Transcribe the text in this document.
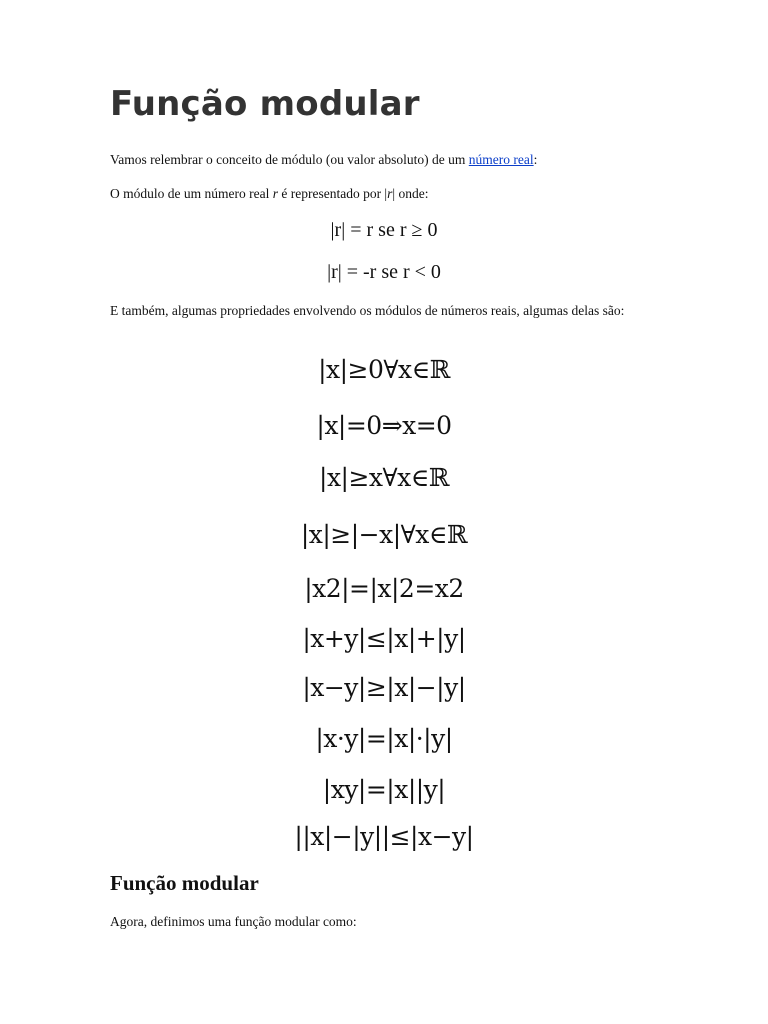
Função modular

Vamos relembrar o conceito de módulo (ou valor absoluto) de um número real:

O módulo de um número real r é representado por |r| onde:

|r| = r se r ≥ 0
|r| = -r se r < 0

E também, algumas propriedades envolvendo os módulos de números reais, algumas delas são:

|x|≥0∀x∈ℝ
|x|=0⇒x=0
|x|≥x∀x∈ℝ
|x|≥|−x|∀x∈ℝ
|x2|=|x|2=x2
|x+y|≤|x|+|y|
|x−y|≥|x|−|y|
|x·y|=|x|·|y|
|xy|=|x||y|
||x|−|y||≤|x−y|
Função modular

Agora, definimos uma função modular como:
